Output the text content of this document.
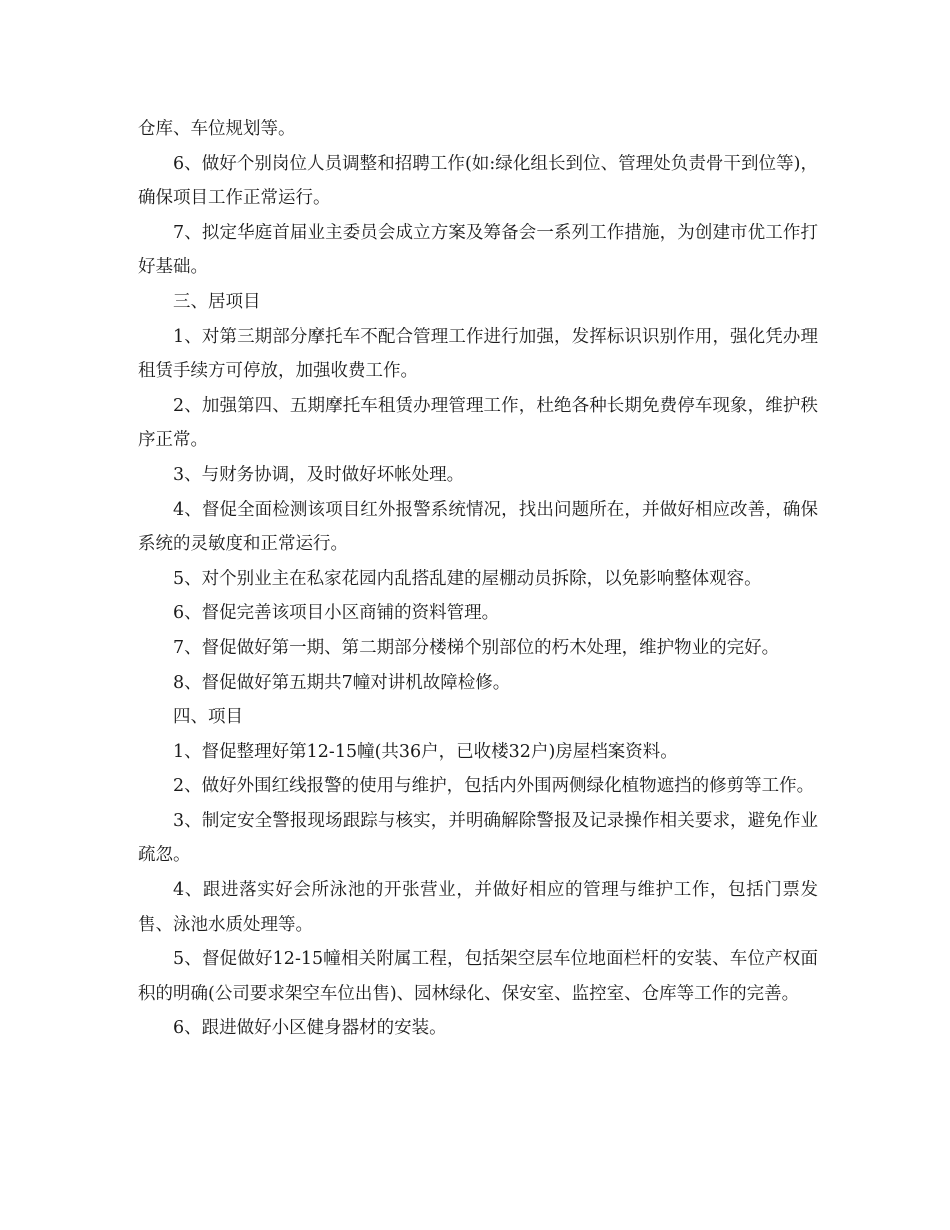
仓库、车位规划等。

6、做好个别岗位人员调整和招聘工作(如:绿化组长到位、管理处负责骨干到位等)，确保项目工作正常运行。

7、拟定华庭首届业主委员会成立方案及筹备会一系列工作措施，为创建市优工作打好基础。

三、居项目

1、对第三期部分摩托车不配合管理工作进行加强，发挥标识识别作用，强化凭办理租赁手续方可停放，加强收费工作。

2、加强第四、五期摩托车租赁办理管理工作，杜绝各种长期免费停车现象，维护秩序正常。

3、与财务协调，及时做好坏帐处理。

4、督促全面检测该项目红外报警系统情况，找出问题所在，并做好相应改善，确保系统的灵敏度和正常运行。

5、对个别业主在私家花园内乱搭乱建的屋棚动员拆除，以免影响整体观容。

6、督促完善该项目小区商铺的资料管理。

7、督促做好第一期、第二期部分楼梯个别部位的朽木处理，维护物业的完好。

8、督促做好第五期共7幢对讲机故障检修。

四、项目

1、督促整理好第12-15幢(共36户，已收楼32户)房屋档案资料。

2、做好外围红线报警的使用与维护，包括内外围两侧绿化植物遮挡的修剪等工作。

3、制定安全警报现场跟踪与核实，并明确解除警报及记录操作相关要求，避免作业疏忽。

4、跟进落实好会所泳池的开张营业，并做好相应的管理与维护工作，包括门票发售、泳池水质处理等。

5、督促做好12-15幢相关附属工程，包括架空层车位地面栏杆的安装、车位产权面积的明确(公司要求架空车位出售)、园林绿化、保安室、监控室、仓库等工作的完善。

6、跟进做好小区健身器材的安装。
